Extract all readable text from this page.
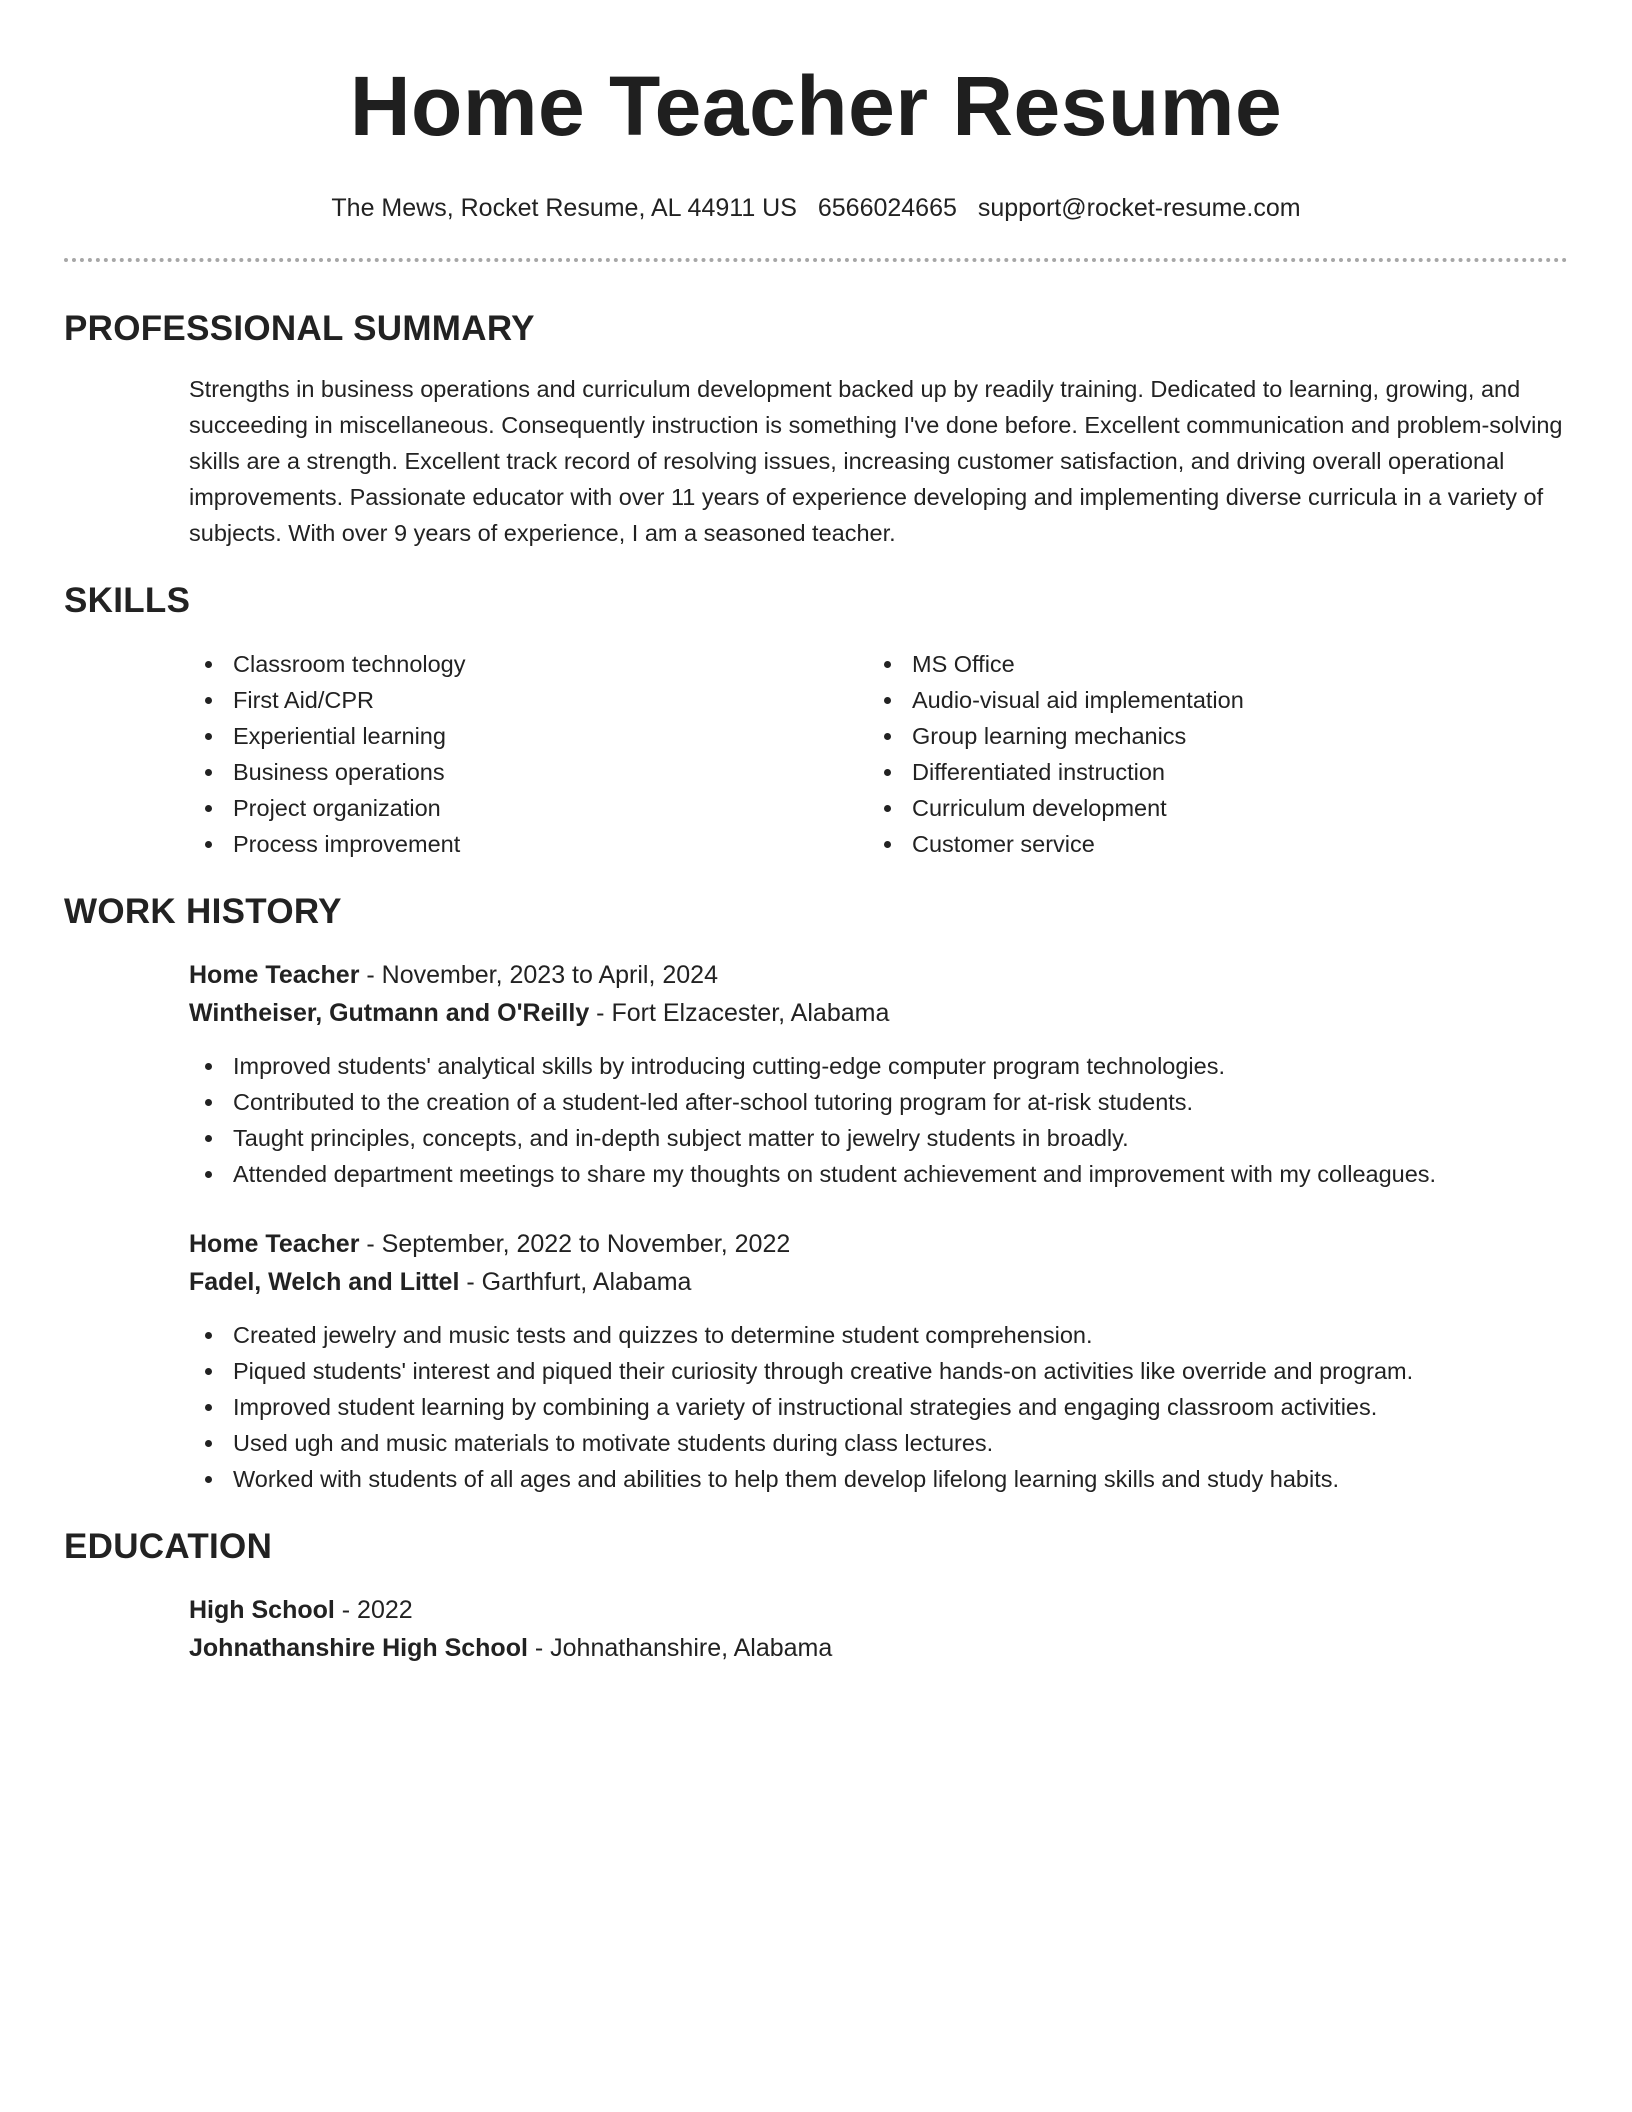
Home Teacher Resume
The Mews, Rocket Resume, AL 44911 US 6566024665 support@rocket-resume.com
PROFESSIONAL SUMMARY

Strengths in business operations and curriculum development backed up by readily training. Dedicated to learning, growing, and succeeding in miscellaneous. Consequently instruction is something I've done before. Excellent communication and problem-solving skills are a strength. Excellent track record of resolving issues, increasing customer satisfaction, and driving overall operational improvements. Passionate educator with over 11 years of experience developing and implementing diverse curricula in a variety of subjects. With over 9 years of experience, I am a seasoned teacher.

SKILLS
Classroom technology
First Aid/CPR
Experiential learning
Business operations
Project organization
Process improvement
MS Office
Audio-visual aid implementation
Group learning mechanics
Differentiated instruction
Curriculum development
Customer service
WORK HISTORY
Home Teacher - November, 2023 to April, 2024
Wintheiser, Gutmann and O'Reilly - Fort Elzacester, Alabama
Improved students' analytical skills by introducing cutting-edge computer program technologies.
Contributed to the creation of a student-led after-school tutoring program for at-risk students.
Taught principles, concepts, and in-depth subject matter to jewelry students in broadly.
Attended department meetings to share my thoughts on student achievement and improvement with my colleagues.
Home Teacher - September, 2022 to November, 2022
Fadel, Welch and Littel - Garthfurt, Alabama
Created jewelry and music tests and quizzes to determine student comprehension.
Piqued students' interest and piqued their curiosity through creative hands-on activities like override and program.
Improved student learning by combining a variety of instructional strategies and engaging classroom activities.
Used ugh and music materials to motivate students during class lectures.
Worked with students of all ages and abilities to help them develop lifelong learning skills and study habits.
EDUCATION
High School - 2022
Johnathanshire High School - Johnathanshire, Alabama
